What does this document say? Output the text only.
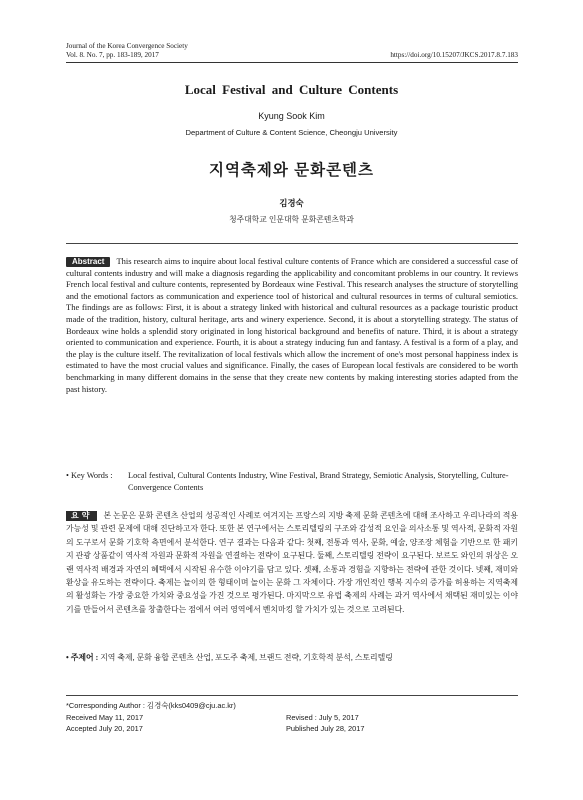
Journal of the Korea Convergence Society
Vol. 8. No. 7, pp. 183-189, 2017	https://doi.org/10.15207/JKCS.2017.8.7.183
Local Festival and Culture Contents
Kyung Sook Kim
Department of Culture & Content Science, Cheongju University
지역축제와 문화콘텐츠
김경숙
청주대학교 인문대학 문화콘텐츠학과
Abstract This research aims to inquire about local festival culture contents of France which are considered a successful case of cultural contents industry and will make a diagnosis regarding the applicability and concomitant problems in our country. It reviews French local festival and culture contents, represented by Bordeaux wine Festival. This research analyses the structure of storytelling and the emotional factors as communication and experience tool of historical and cultural resources in terms of cultural semiotics. The findings are as follows: First, it is about a strategy linked with historical and cultural resources as a package touristic product made of the tradition, history, cultural heritage, arts and winery experience. Second, it is about a storytelling strategy. The status of Bordeaux wine holds a splendid story originated in long historical background and benefits of nature. Third, it is about a strategy oriented to communication and experience. Fourth, it is about a strategy inducing fun and fantasy. A festival is a form of a play, and the play is the culture itself. The revitalization of local festivals which allow the increment of one's most personal happiness index is estimated to have the most crucial values and significance. Finally, the cases of European local festivals are considered to be worth benchmarking in many different domains in the sense that they create new contents by making interesting stories adapted from the past history.
• Key Words :	Local festival, Cultural Contents Industry, Wine Festival, Brand Strategy, Semiotic Analysis, Storytelling, Culture-Convergence Contents
요약 본 논문은 문화 콘텐츠 산업의 성공적인 사례로 여겨지는 프랑스의 지방 축제 문화 콘텐츠에 대해 조사하고 우리나라의 적용 가능성 및 관련 문제에 대해 진단하고자 한다. 또한 본 연구에서는 스토리텔링의 구조와 감성적 요인을 의사소통 및 역사적, 문화적 자원의 도구로서 문화 기호학 측면에서 분석한다. 연구 결과는 다음과 같다: 첫째, 전통과 역사, 문화, 예술, 양조장 체험을 기반으로 한 패키지 관광 상품같이 역사적 자원과 문화적 자원을 연결하는 전략이 요구된다. 둘째, 스토리텔링 전략이 요구된다. 보르도 와인의 위상은 오랜 역사적 배경과 자연의 혜택에서 시작된 유수한 이야기를 담고 있다. 셋째, 소통과 경험을 지향하는 전략에 관한 것이다. 넷째, 재미와 환상을 유도하는 전략이다. 축제는 놀이의 한 형태이며 놀이는 문화 그 자체이다. 가장 개인적인 행복 지수의 증가를 허용하는 지역축제의 활성화는 가장 중요한 가치와 중요성을 가진 것으로 평가된다. 마지막으로 유럽 축제의 사례는 과거 역사에서 채택된 재미있는 이야기를 만들어서 콘텐츠를 창출한다는 점에서 여러 영역에서 벤치마킹 할 가치가 있는 것으로 고려된다.
• 주제어 : 지역 축제, 문화 융합 콘텐츠 산업, 포도주 축제, 브랜드 전략, 기호학적 분석, 스토리텔링
*Corresponding Author : 김경숙(kks0409@cju.ac.kr)
Received May 11, 2017	Revised : July 5, 2017
Accepted July 20, 2017	Published July 28, 2017
